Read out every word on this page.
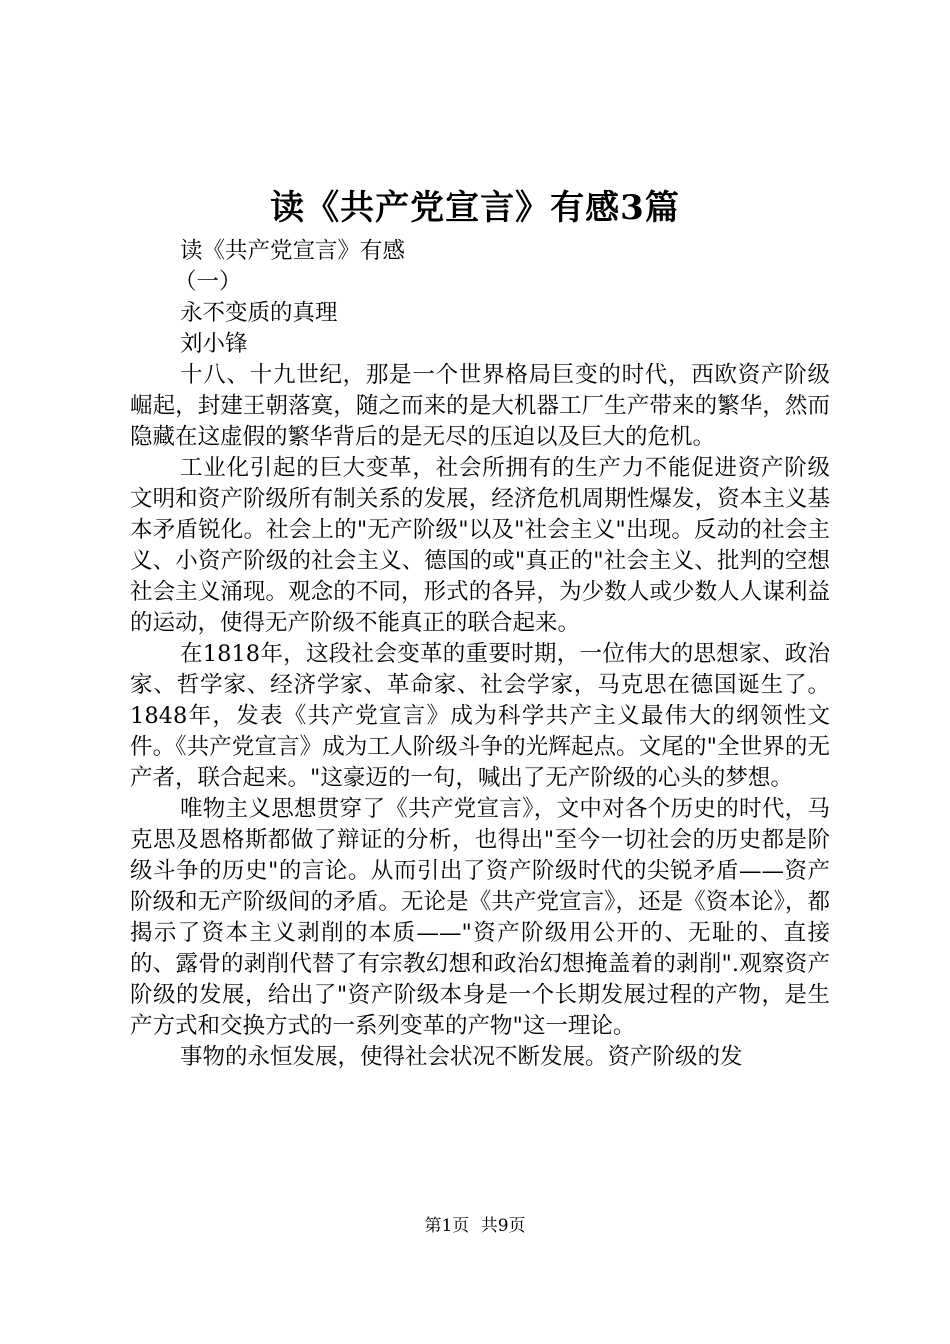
读《共产党宣言》有感3篇

读《共产党宣言》有感

（一）

永不变质的真理

刘小锋

十八、十九世纪，那是一个世界格局巨变的时代，西欧资产阶级崛起，封建王朝落寞，随之而来的是大机器工厂生产带来的繁华，然而隐藏在这虚假的繁华背后的是无尽的压迫以及巨大的危机。

工业化引起的巨大变革，社会所拥有的生产力不能促进资产阶级文明和资产阶级所有制关系的发展，经济危机周期性爆发，资本主义基本矛盾锐化。社会上的"无产阶级"以及"社会主义"出现。反动的社会主义、小资产阶级的社会主义、德国的或"真正的"社会主义、批判的空想社会主义涌现。观念的不同，形式的各异，为少数人或少数人人谋利益的运动，使得无产阶级不能真正的联合起来。

在1818年，这段社会变革的重要时期，一位伟大的思想家、政治家、哲学家、经济学家、革命家、社会学家，马克思在德国诞生了。1848年，发表《共产党宣言》成为科学共产主义最伟大的纲领性文件。《共产党宣言》成为工人阶级斗争的光辉起点。文尾的"全世界的无产者，联合起来。"这豪迈的一句，喊出了无产阶级的心头的梦想。

唯物主义思想贯穿了《共产党宣言》，文中对各个历史的时代，马克思及恩格斯都做了辩证的分析，也得出"至今一切社会的历史都是阶级斗争的历史"的言论。从而引出了资产阶级时代的尖锐矛盾——资产阶级和无产阶级间的矛盾。无论是《共产党宣言》，还是《资本论》，都揭示了资本主义剥削的本质——"资产阶级用公开的、无耻的、直接的、露骨的剥削代替了有宗教幻想和政治幻想掩盖着的剥削".观察资产阶级的发展，给出了"资产阶级本身是一个长期发展过程的产物，是生产方式和交换方式的一系列变革的产物"这一理论。

事物的永恒发展，使得社会状况不断发展。资产阶级的发

第1页 共9页
